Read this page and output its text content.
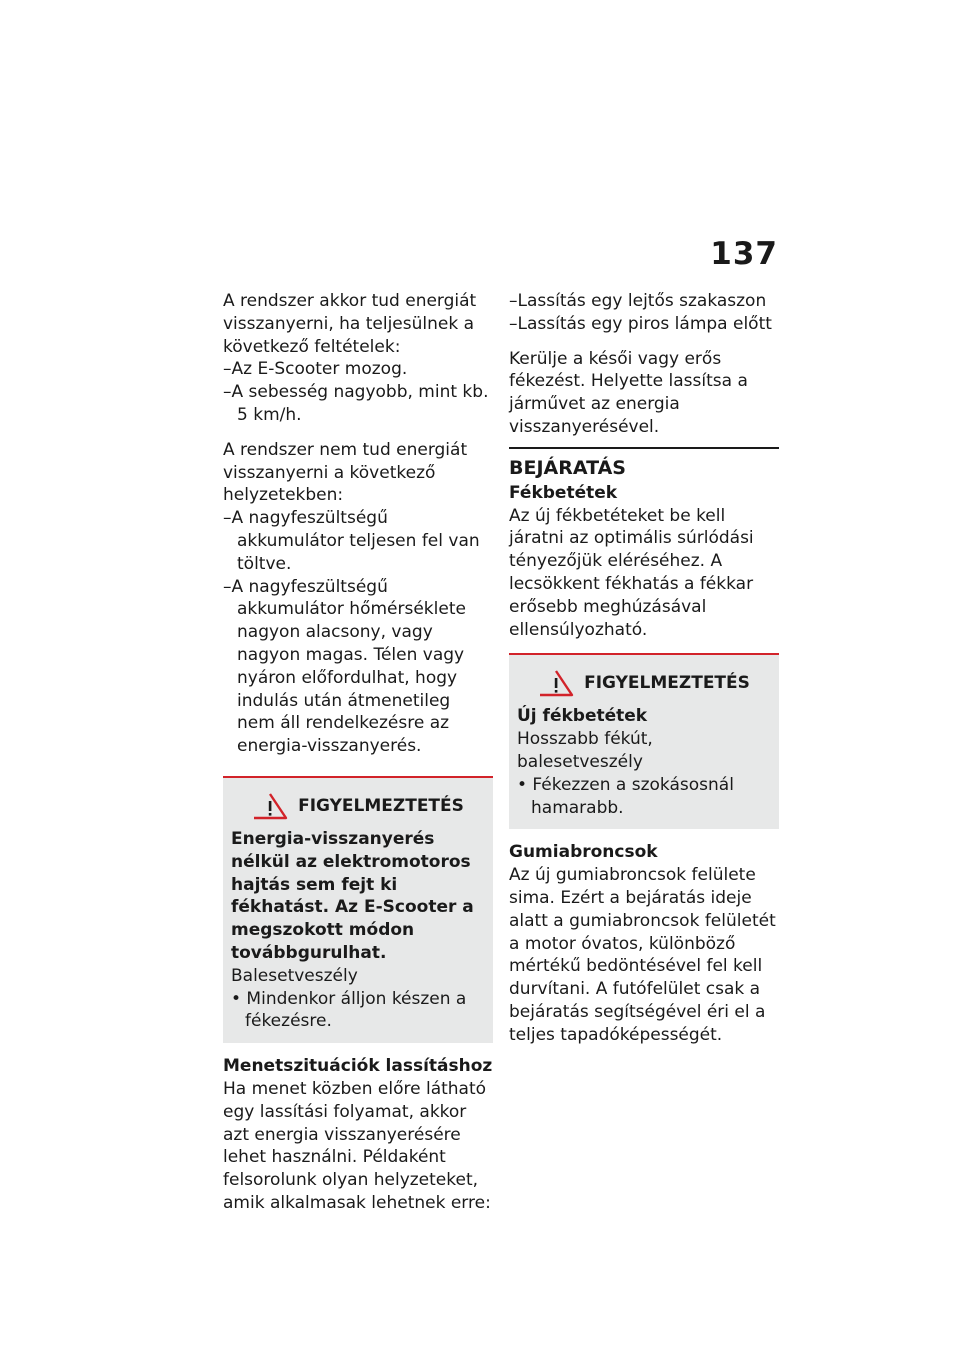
137

A rendszer akkor tud energiát visszanyerni, ha teljesülnek a következő feltételek:

–Az E-Scooter mozog.

–A sebesség nagyobb, mint kb. 5 km/h.

A rendszer nem tud energiát visszanyerni a következő helyzetekben:

–A nagyfeszültségű akkumulátor teljesen fel van töltve.

–A nagyfeszültségű akkumulátor hőmérséklete nagyon alacsony, vagy nagyon magas. Télen vagy nyáron előfordulhat, hogy indulás után átmenetileg nem áll rendelkezésre az energia-visszanyerés.

FIGYELMEZTETÉS

Energia-visszanyerés nélkül az elektromotoros hajtás sem fejt ki fékhatást. Az E-Scooter a megszokott módon továbbgurulhat.

Balesetveszély

• Mindenkor álljon készen a fékezésre.

Menetszituációk lassításhoz

Ha menet közben előre látható egy lassítási folyamat, akkor azt energia visszanyerésére lehet használni. Példaként felsorolunk olyan helyzeteket, amik alkalmasak lehetnek erre:

–Lassítás egy lejtős szakaszon

–Lassítás egy piros lámpa előtt

Kerülje a késői vagy erős fékezést. Helyette lassítsa a járművet az energia visszanyerésével.

BEJÁRATÁS

Fékbetétek

Az új fékbetéteket be kell járatni az optimális súrlódási tényezőjük eléréséhez. A lecsökkent fékhatás a fékkar erősebb meghúzásával ellensúlyozható.

FIGYELMEZTETÉS

Új fékbetétek

Hosszabb fékút, balesetveszély

• Fékezzen a szokásosnál hamarabb.

Gumiabroncsok

Az új gumiabroncsok felülete sima. Ezért a bejáratás ideje alatt a gumiabroncsok felületét a motor óvatos, különböző mértékű bedöntésével fel kell durvítani. A futófelület csak a bejáratás segítségével éri el a teljes tapadóképességét.
